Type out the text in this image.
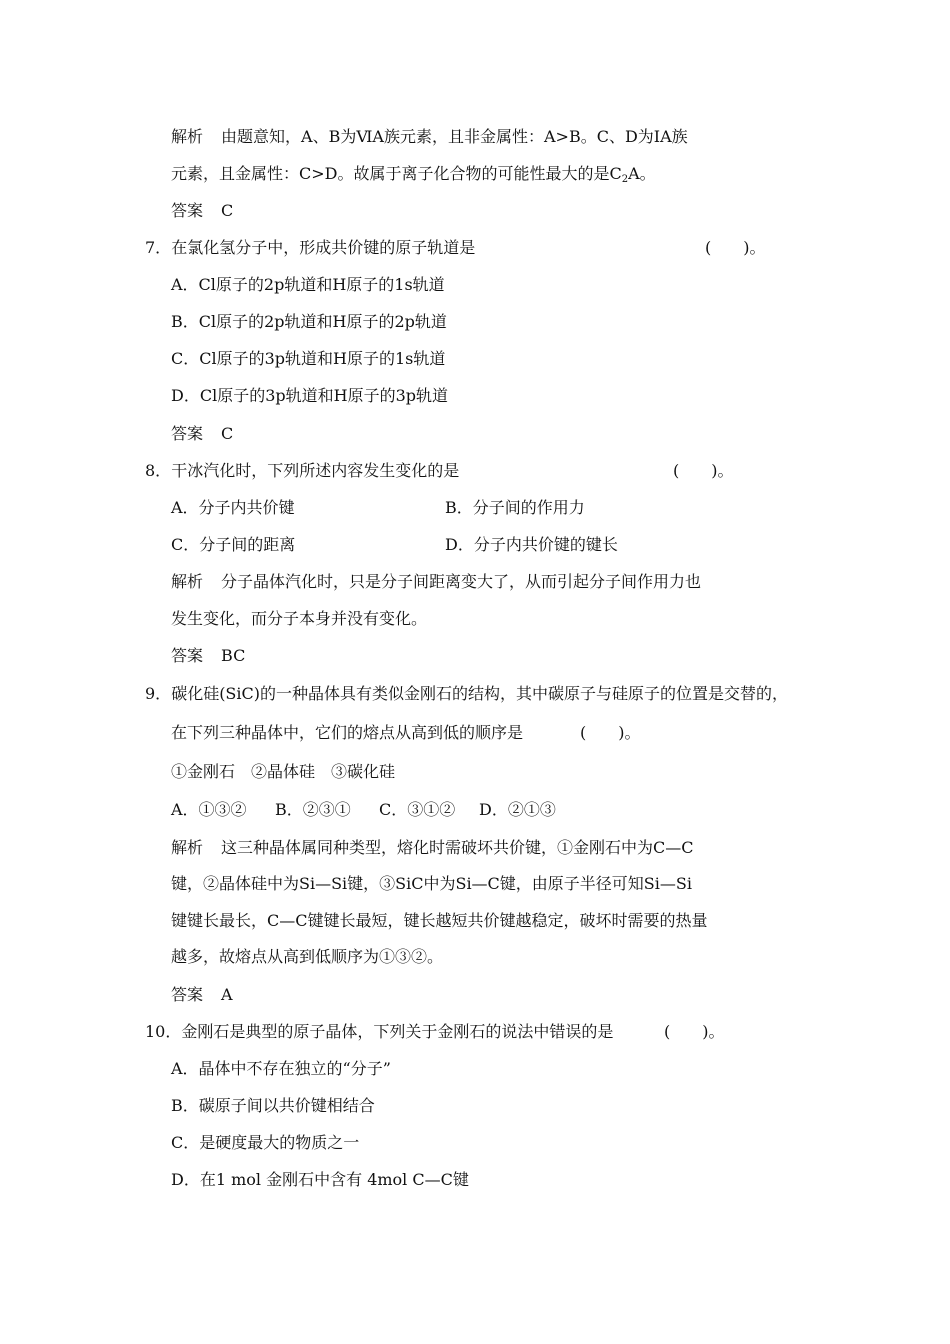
解析 由题意知，A、B为ⅥA族元素，且非金属性：A>B。C、D为ⅠA族
元素，且金属性：C>D。故属于离子化合物的可能性最大的是$C_2A$。
答案 C
7．在氯化氢分子中，形成共价键的原子轨道是	(　　)。
A．Cl原子的2p轨道和H原子的1s轨道
B．Cl原子的2p轨道和H原子的2p轨道
C．Cl原子的3p轨道和H原子的1s轨道
D．Cl原子的3p轨道和H原子的3p轨道
答案 C
8．干冰汽化时，下列所述内容发生变化的是	(　　)。
A．分子内共价键	B．分子间的作用力
C．分子间的距离	D．分子内共价键的键长
解析 分子晶体汽化时，只是分子间距离变大了，从而引起分子间作用力也
发生变化，而分子本身并没有变化。
答案 BC
9．碳化硅(SiC)的一种晶体具有类似金刚石的结构，其中碳原子与硅原子的位置是交替的，
在下列三种晶体中，它们的熔点从高到低的顺序是	(　　)。
①金刚石　②晶体硅　③碳化硅
A．①③② B．②③① C．③①② D．②①③
解析 这三种晶体属同种类型，熔化时需破坏共价键，①金刚石中为C—C
键，②晶体硅中为Si—Si键，③SiC中为Si—C键，由原子半径可知Si—Si
键键长最长，C—C键键长最短，键长越短共价键越稳定，破坏时需要的热量
越多，故熔点从高到低顺序为①③②。
答案 A
10．金刚石是典型的原子晶体，下列关于金刚石的说法中错误的是	(　　)。
A．晶体中不存在独立的“分子”
B．碳原子间以共价键相结合
C．是硬度最大的物质之一
D．在1 mol 金刚石中含有 4mol C—C键
